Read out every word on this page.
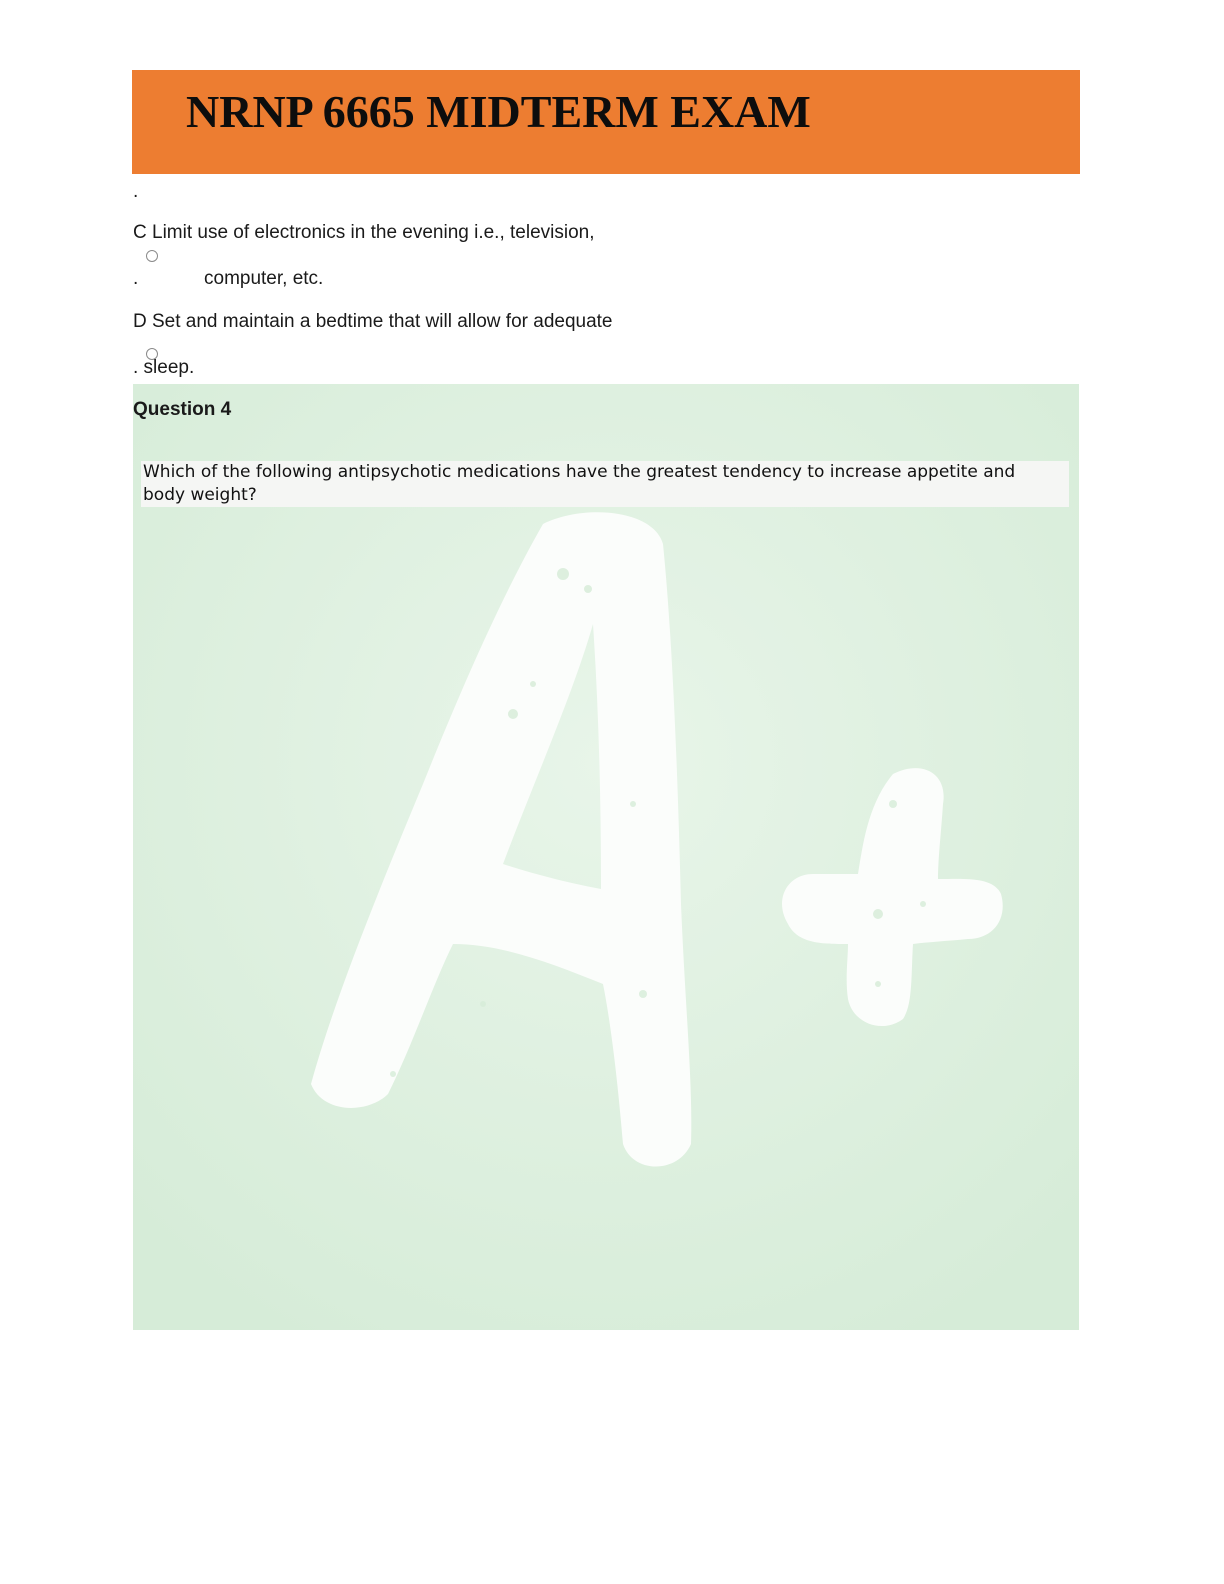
NRNP 6665 MIDTERM EXAM
.
C Limit use of electronics in the evening i.e., television,
.	computer, etc.
D Set and maintain a bedtime that will allow for adequate
. sleep.
Question 4

Which of the following antipsychotic medications have the greatest tendency to increase appetite and body weight?
